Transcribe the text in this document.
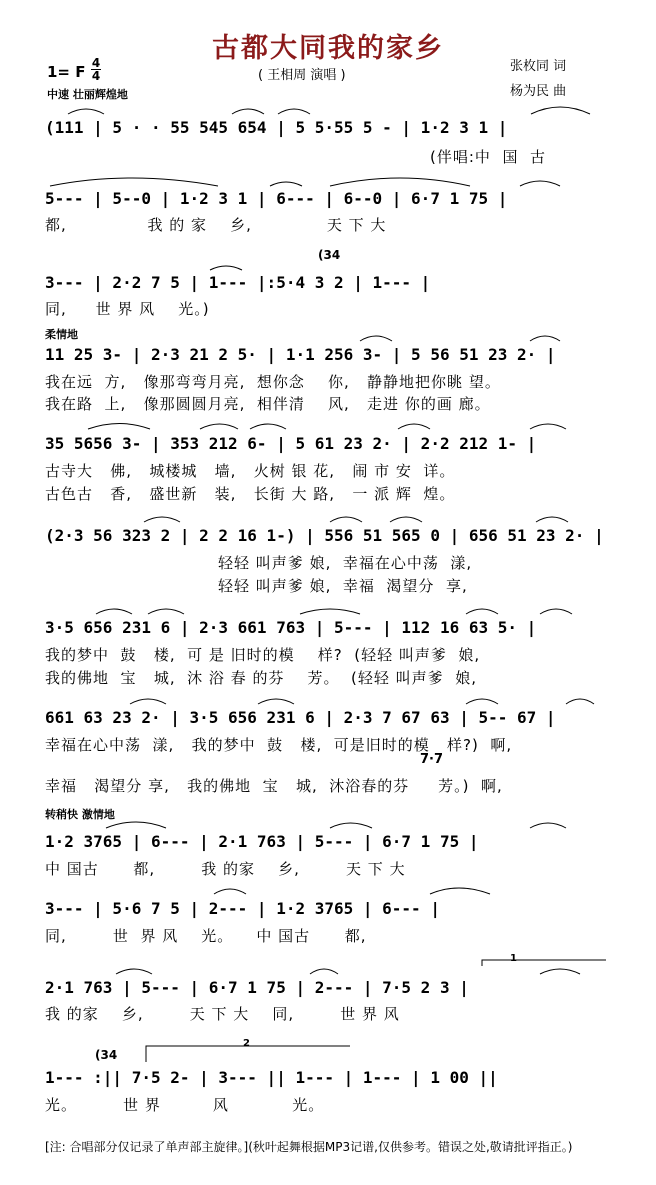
古都大同我的家乡
1= F $\frac{4}{4}$
中速 壮丽辉煌地
( 王相周 演唱 )
张枚同 词
杨为民 曲
(111 | 5 · · 55 545 654 | 5 5·55 5 - | 1·2 3 1 |
(伴唱:中  国  古
5--- | 5--0 | 1·2 3 1 | 6--- | 6--0 | 6·7 1 75 |
都,              我 的 家    乡,             天 下 大
(34
3--- | 2·2 7 5 | 1--- |:5·4 3 2 | 1--- |
同,     世 界 风    光。)
柔情地
11 25 3- | 2·3 21 2 5· | 1·1 256 3- | 5 56 51 23 2· |
我在远  方,   像那弯弯月亮,  想你念    你,   静静地把你眺 望。
我在路  上,   像那圆圆月亮,  相伴清    风,   走进 你的画 廊。
35 5656 3- | 353 212 6- | 5 61 23 2· | 2·2 212 1- |
古寺大   佛,   城楼城   墙,   火树 银 花,   闹 市 安  详。
古色古   香,   盛世新   装,   长街 大 路,   一 派 辉  煌。
(2·3 56 323 2 | 2 2 16 1-) | 556 51 565 0 | 656 51 23 2· |
轻轻 叫声爹 娘,  幸福在心中荡  漾,
轻轻 叫声爹 娘,  幸福  渴望分  享,
3·5 656 231 6 | 2·3 661 763 | 5--- | 112 16 63 5· |
我的梦中  鼓   楼,  可 是 旧时的模    样?  (轻轻 叫声爹  娘,
我的佛地  宝   城,  沐 浴 春 的芬    芳。  (轻轻 叫声爹  娘,
661 63 23 2· | 3·5 656 231 6 | 2·3 7 67 63 | 5-- 67 |
幸福在心中荡  漾,   我的梦中  鼓   楼,  可是旧时的模   样?)  啊,
7·7
幸福   渴望分 享,   我的佛地  宝   城,  沐浴春的芬     芳。)  啊,
转稍快 激情地
1·2 3765 | 6--- | 2·1 763 | 5--- | 6·7 1 75 |
中 国古      都,        我 的家    乡,        天 下 大
3--- | 5·6 7 5 | 2--- | 1·2 3765 | 6--- |
同,        世  界 风    光。    中 国古      都,
1
2·1 763 | 5--- | 6·7 1 75 | 2--- | 7·5 2 3 |
我 的家    乡,        天 下 大    同,        世 界 风
(34
2
1--- :|| 7·5 2- | 3--- || 1--- | 1--- | 1 00 ||
光。        世 界         风           光。
[注: 合唱部分仅记录了单声部主旋律。](秋叶起舞根据MP3记谱,仅供参考。错误之处,敬请批评指正。)
